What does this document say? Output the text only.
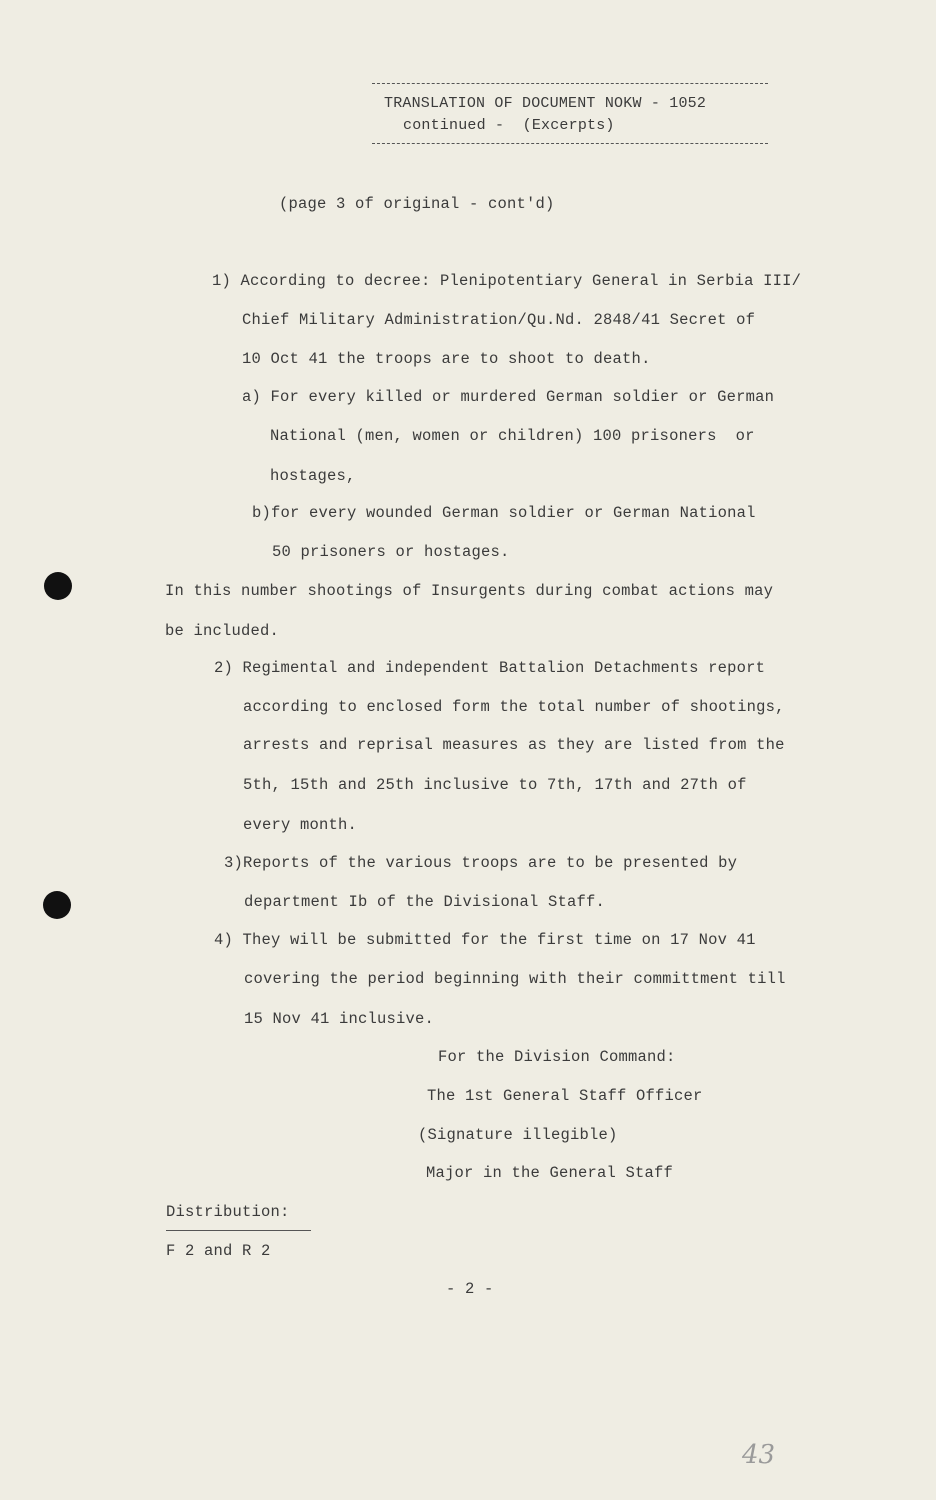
TRANSLATION OF DOCUMENT NOKW - 1052
continued -  (Excerpts)
(page 3 of original - cont'd)
1) According to decree: Plenipotentiary General in Serbia III/
Chief Military Administration/Qu.Nd. 2848/41 Secret of
10 Oct 41 the troops are to shoot to death.
a) For every killed or murdered German soldier or German
National (men, women or children) 100 prisoners  or
hostages,
b)for every wounded German soldier or German National
50 prisoners or hostages.
In this number shootings of Insurgents during combat actions may
be included.
2) Regimental and independent Battalion Detachments report
according to enclosed form the total number of shootings,
arrests and reprisal measures as they are listed from the
5th, 15th and 25th inclusive to 7th, 17th and 27th of
every month.
3)Reports of the various troops are to be presented by
department Ib of the Divisional Staff.
4) They will be submitted for the first time on 17 Nov 41
covering the period beginning with their committment till
15 Nov 41 inclusive.
For the Division Command:
The 1st General Staff Officer
(Signature illegible)
Major in the General Staff
Distribution:
F 2 and R 2
- 2 -
43
